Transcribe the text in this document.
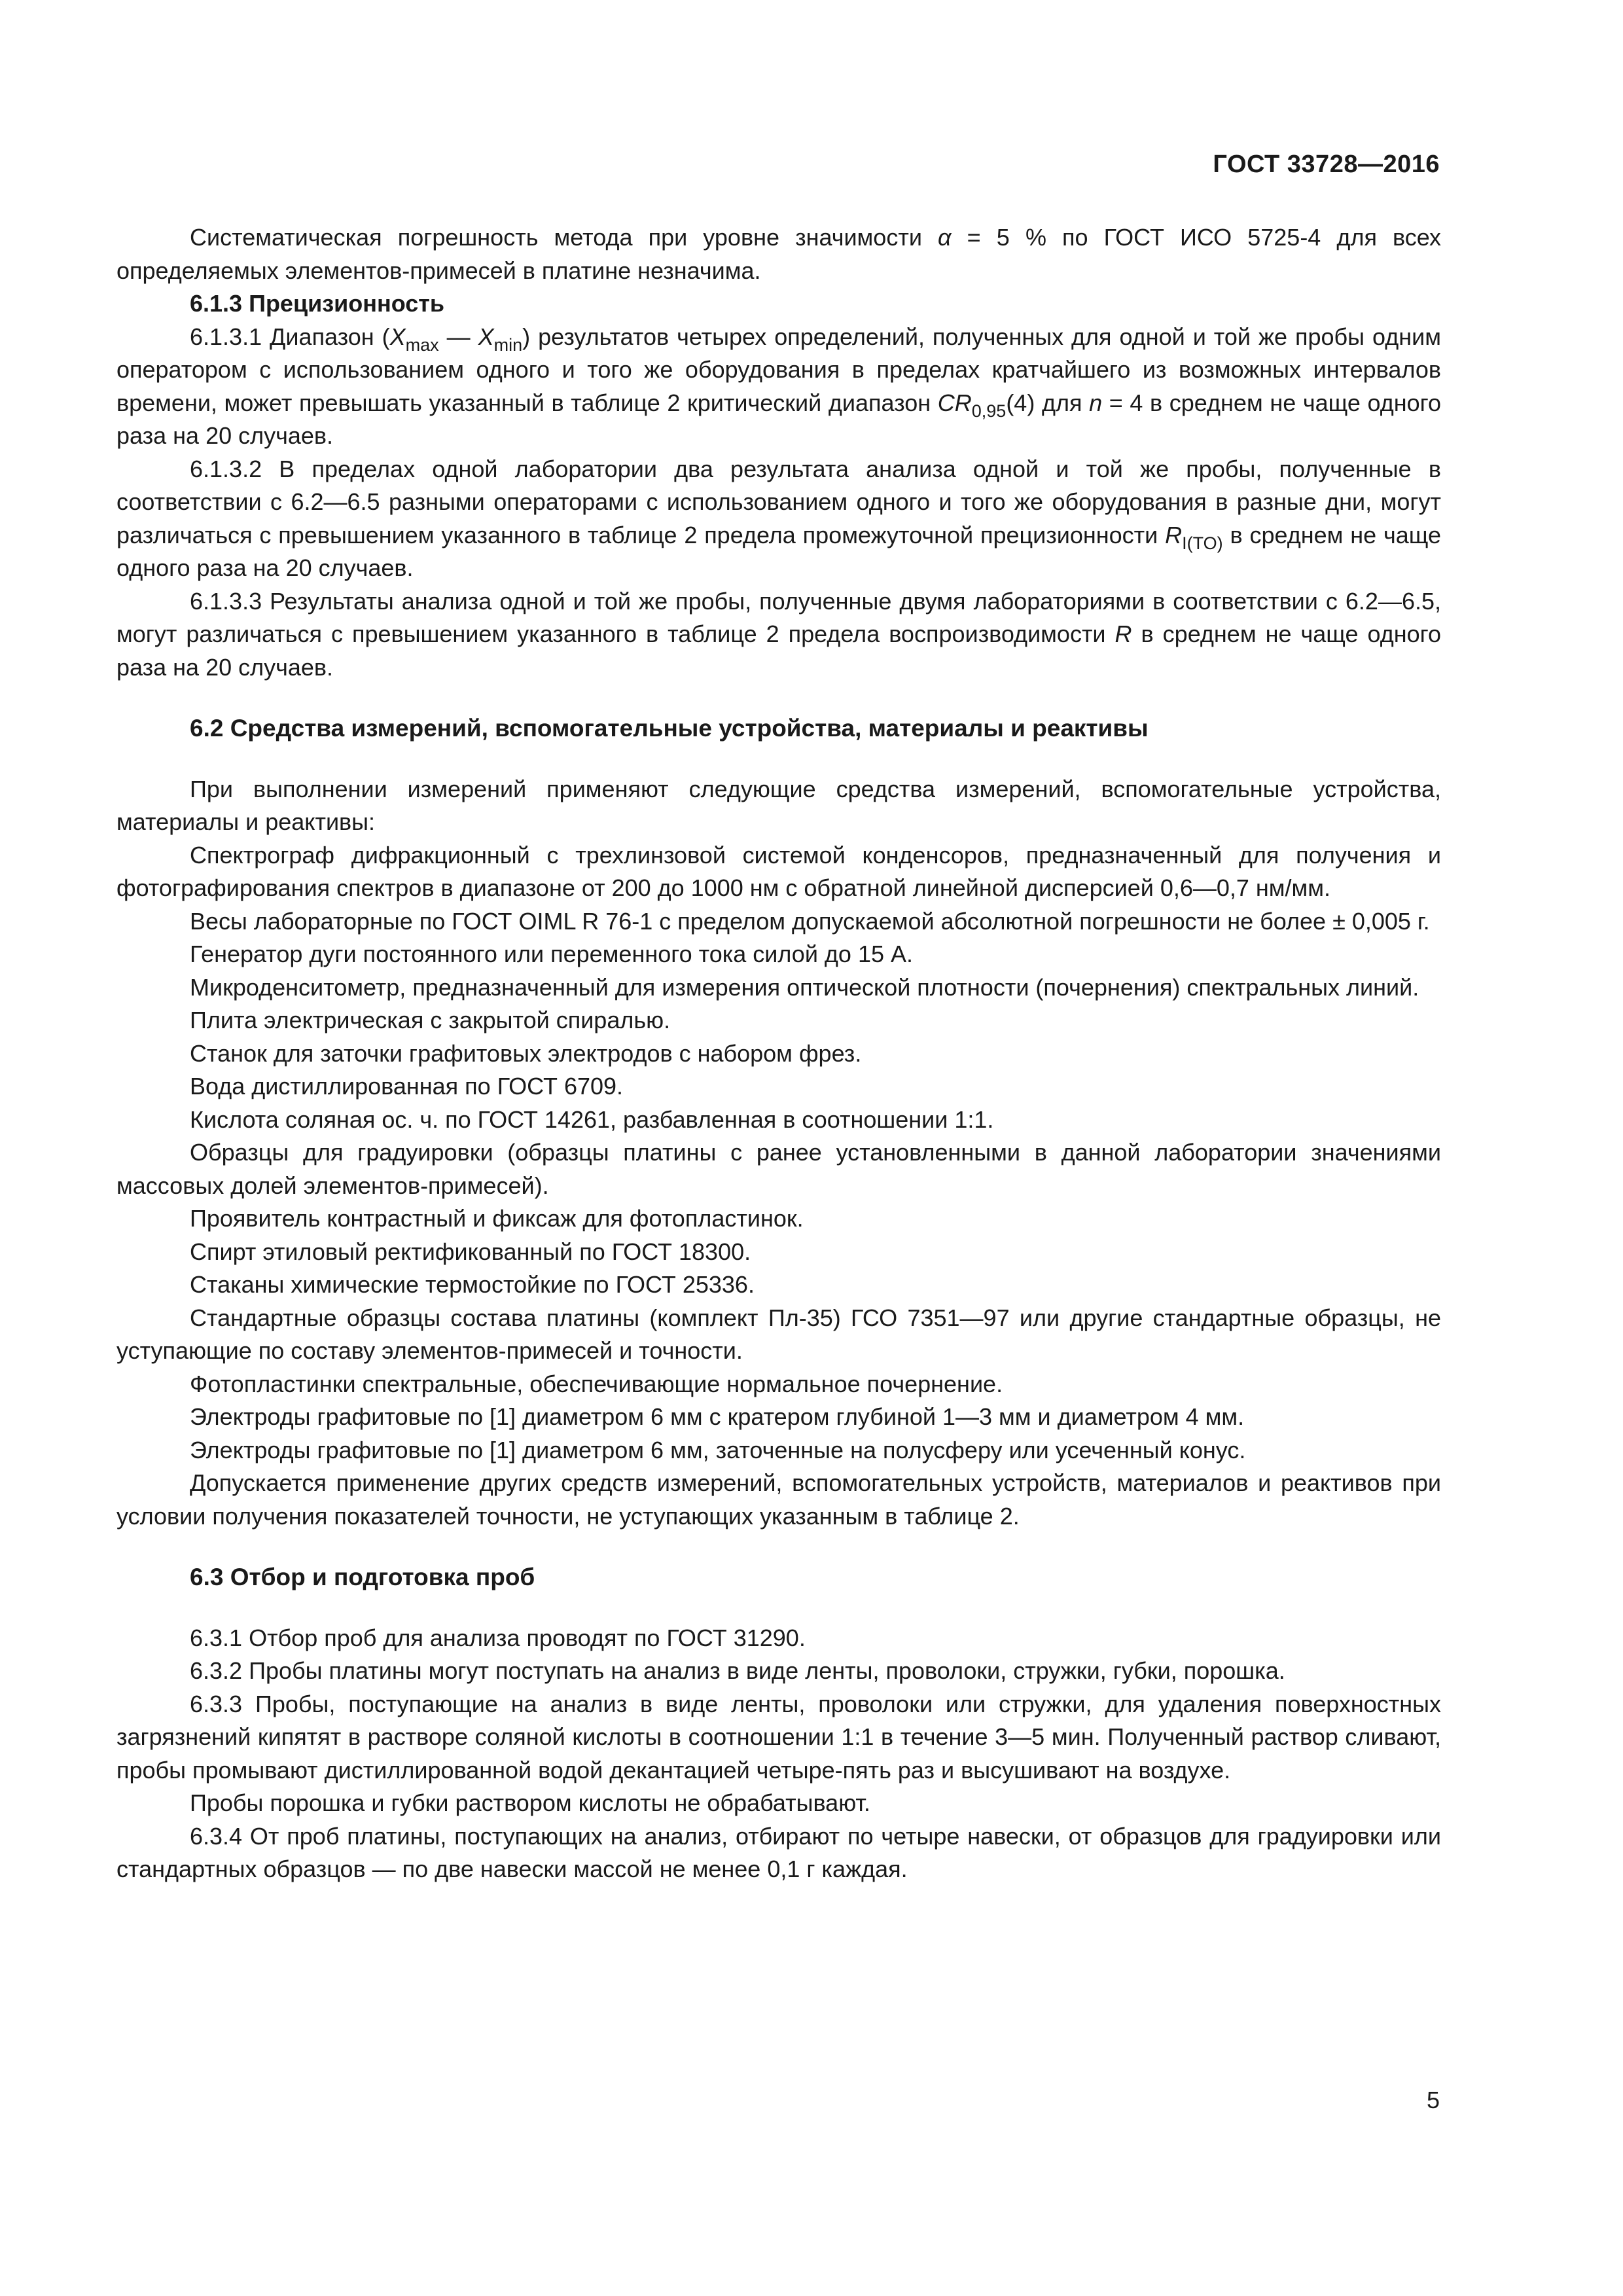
ГОСТ 33728—2016

Систематическая погрешность метода при уровне значимости α = 5 % по ГОСТ ИСО 5725-4 для всех определяемых элементов-примесей в платине незначима.

6.1.3 Прецизионность

6.1.3.1 Диапазон ($X_{max}$ — $X_{min}$) результатов четырех определений, полученных для одной и той же пробы одним оператором с использованием одного и того же оборудования в пределах кратчайшего из возможных интервалов времени, может превышать указанный в таблице 2 критический диапазон $CR_{0,95}(4)$ для n = 4 в среднем не чаще одного раза на 20 случаев.

6.1.3.2 В пределах одной лаборатории два результата анализа одной и той же пробы, полученные в соответствии с 6.2—6.5 разными операторами с использованием одного и того же оборудования в разные дни, могут различаться с превышением указанного в таблице 2 предела промежуточной прецизионности $R_{I(TO)}$ в среднем не чаще одного раза на 20 случаев.

6.1.3.3 Результаты анализа одной и той же пробы, полученные двумя лабораториями в соответствии с 6.2—6.5, могут различаться с превышением указанного в таблице 2 предела воспроизводимости R в среднем не чаще одного раза на 20 случаев.

6.2 Средства измерений, вспомогательные устройства, материалы и реактивы

При выполнении измерений применяют следующие средства измерений, вспомогательные устройства, материалы и реактивы:

Спектрограф дифракционный с трехлинзовой системой конденсоров, предназначенный для получения и фотографирования спектров в диапазоне от 200 до 1000 нм с обратной линейной дисперсией 0,6—0,7 нм/мм.

Весы лабораторные по ГОСТ OIML R 76-1 с пределом допускаемой абсолютной погрешности не более ± 0,005 г.

Генератор дуги постоянного или переменного тока силой до 15 А.

Микроденситометр, предназначенный для измерения оптической плотности (почернения) спектральных линий.

Плита электрическая с закрытой спиралью.

Станок для заточки графитовых электродов с набором фрез.

Вода дистиллированная по ГОСТ 6709.

Кислота соляная ос. ч. по ГОСТ 14261, разбавленная в соотношении 1:1.

Образцы для градуировки (образцы платины с ранее установленными в данной лаборатории значениями массовых долей элементов-примесей).

Проявитель контрастный и фиксаж для фотопластинок.

Спирт этиловый ректификованный по ГОСТ 18300.

Стаканы химические термостойкие по ГОСТ 25336.

Стандартные образцы состава платины (комплект Пл-35) ГСО 7351—97 или другие стандартные образцы, не уступающие по составу элементов-примесей и точности.

Фотопластинки спектральные, обеспечивающие нормальное почернение.

Электроды графитовые по [1] диаметром 6 мм с кратером глубиной 1—3 мм и диаметром 4 мм.

Электроды графитовые по [1] диаметром 6 мм, заточенные на полусферу или усеченный конус.

Допускается применение других средств измерений, вспомогательных устройств, материалов и реактивов при условии получения показателей точности, не уступающих указанным в таблице 2.

6.3 Отбор и подготовка проб

6.3.1 Отбор проб для анализа проводят по ГОСТ 31290.

6.3.2 Пробы платины могут поступать на анализ в виде ленты, проволоки, стружки, губки, порошка.

6.3.3 Пробы, поступающие на анализ в виде ленты, проволоки или стружки, для удаления поверхностных загрязнений кипятят в растворе соляной кислоты в соотношении 1:1 в течение 3—5 мин. Полученный раствор сливают, пробы промывают дистиллированной водой декантацией четыре-пять раз и высушивают на воздухе.

Пробы порошка и губки раствором кислоты не обрабатывают.

6.3.4 От проб платины, поступающих на анализ, отбирают по четыре навески, от образцов для градуировки или стандартных образцов — по две навески массой не менее 0,1 г каждая.

5
